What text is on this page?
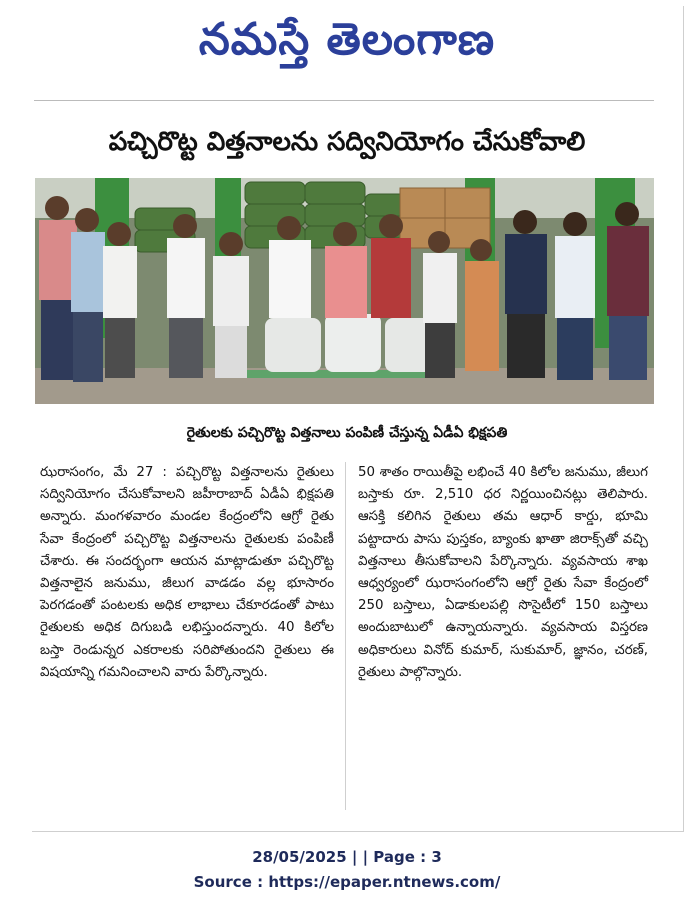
నమస్తే తెలంగాణ
పచ్చిరొట్ట విత్తనాలను సద్వినియోగం చేసుకోవాలి
రైతులకు పచ్చిరొట్ట విత్తనాలు పంపిణీ చేస్తున్న ఏడీఏ భిక్షపతి
ఝరాసంగం, మే 27 : పచ్చిరొట్ట విత్తనాలను రైతులు సద్వినియోగం చేసుకోవాలని జహీరాబాద్ ఏడీఏ భిక్షపతి అన్నారు. మంగళవారం మండల కేంద్రంలోని ఆగ్రో రైతు సేవా కేంద్రంలో పచ్చిరొట్ట విత్తనాలను రైతులకు పంపిణీ చేశారు. ఈ సందర్భంగా ఆయన మాట్లాడుతూ పచ్చిరొట్ట విత్తనాలైన జనుము, జీలుగ వాడడం వల్ల భూసారం పెరగడంతో పంటలకు అధిక లాభాలు చేకూరడంతో పాటు రైతులకు అధిక దిగుబడి లభిస్తుందన్నారు. 40 కిలోల బస్తా రెండున్నర ఎకరాలకు సరిపోతుందని రైతులు ఈ విషయాన్ని గమనించాలని వారు పేర్కొన్నారు.
50 శాతం రాయితీపై లభించే 40 కిలోల జనుము, జీలుగ బస్తాకు రూ. 2,510 ధర నిర్ణయించినట్లు తెలిపారు. ఆసక్తి కలిగిన రైతులు తమ ఆధార్ కార్డు, భూమి పట్టాదారు పాసు పుస్తకం, బ్యాంకు ఖాతా జిరాక్స్‌తో వచ్చి విత్తనాలు తీసుకోవాలని పేర్కొన్నారు. వ్యవసాయ శాఖ ఆధ్వర్యంలో ఝరాసంగంలోని ఆగ్రో రైతు సేవా కేంద్రంలో 250 బస్తాలు, ఏడాకులపల్లి సొసైటీలో 150 బస్తాలు అందుబాటులో ఉన్నాయన్నారు. వ్యవసాయ విస్తరణ అధికారులు వినోద్ కుమార్, సుకుమార్, జ్ఞానం, చరణ్, రైతులు పాల్గొన్నారు.
28/05/2025 | | Page : 3
Source : https://epaper.ntnews.com/
